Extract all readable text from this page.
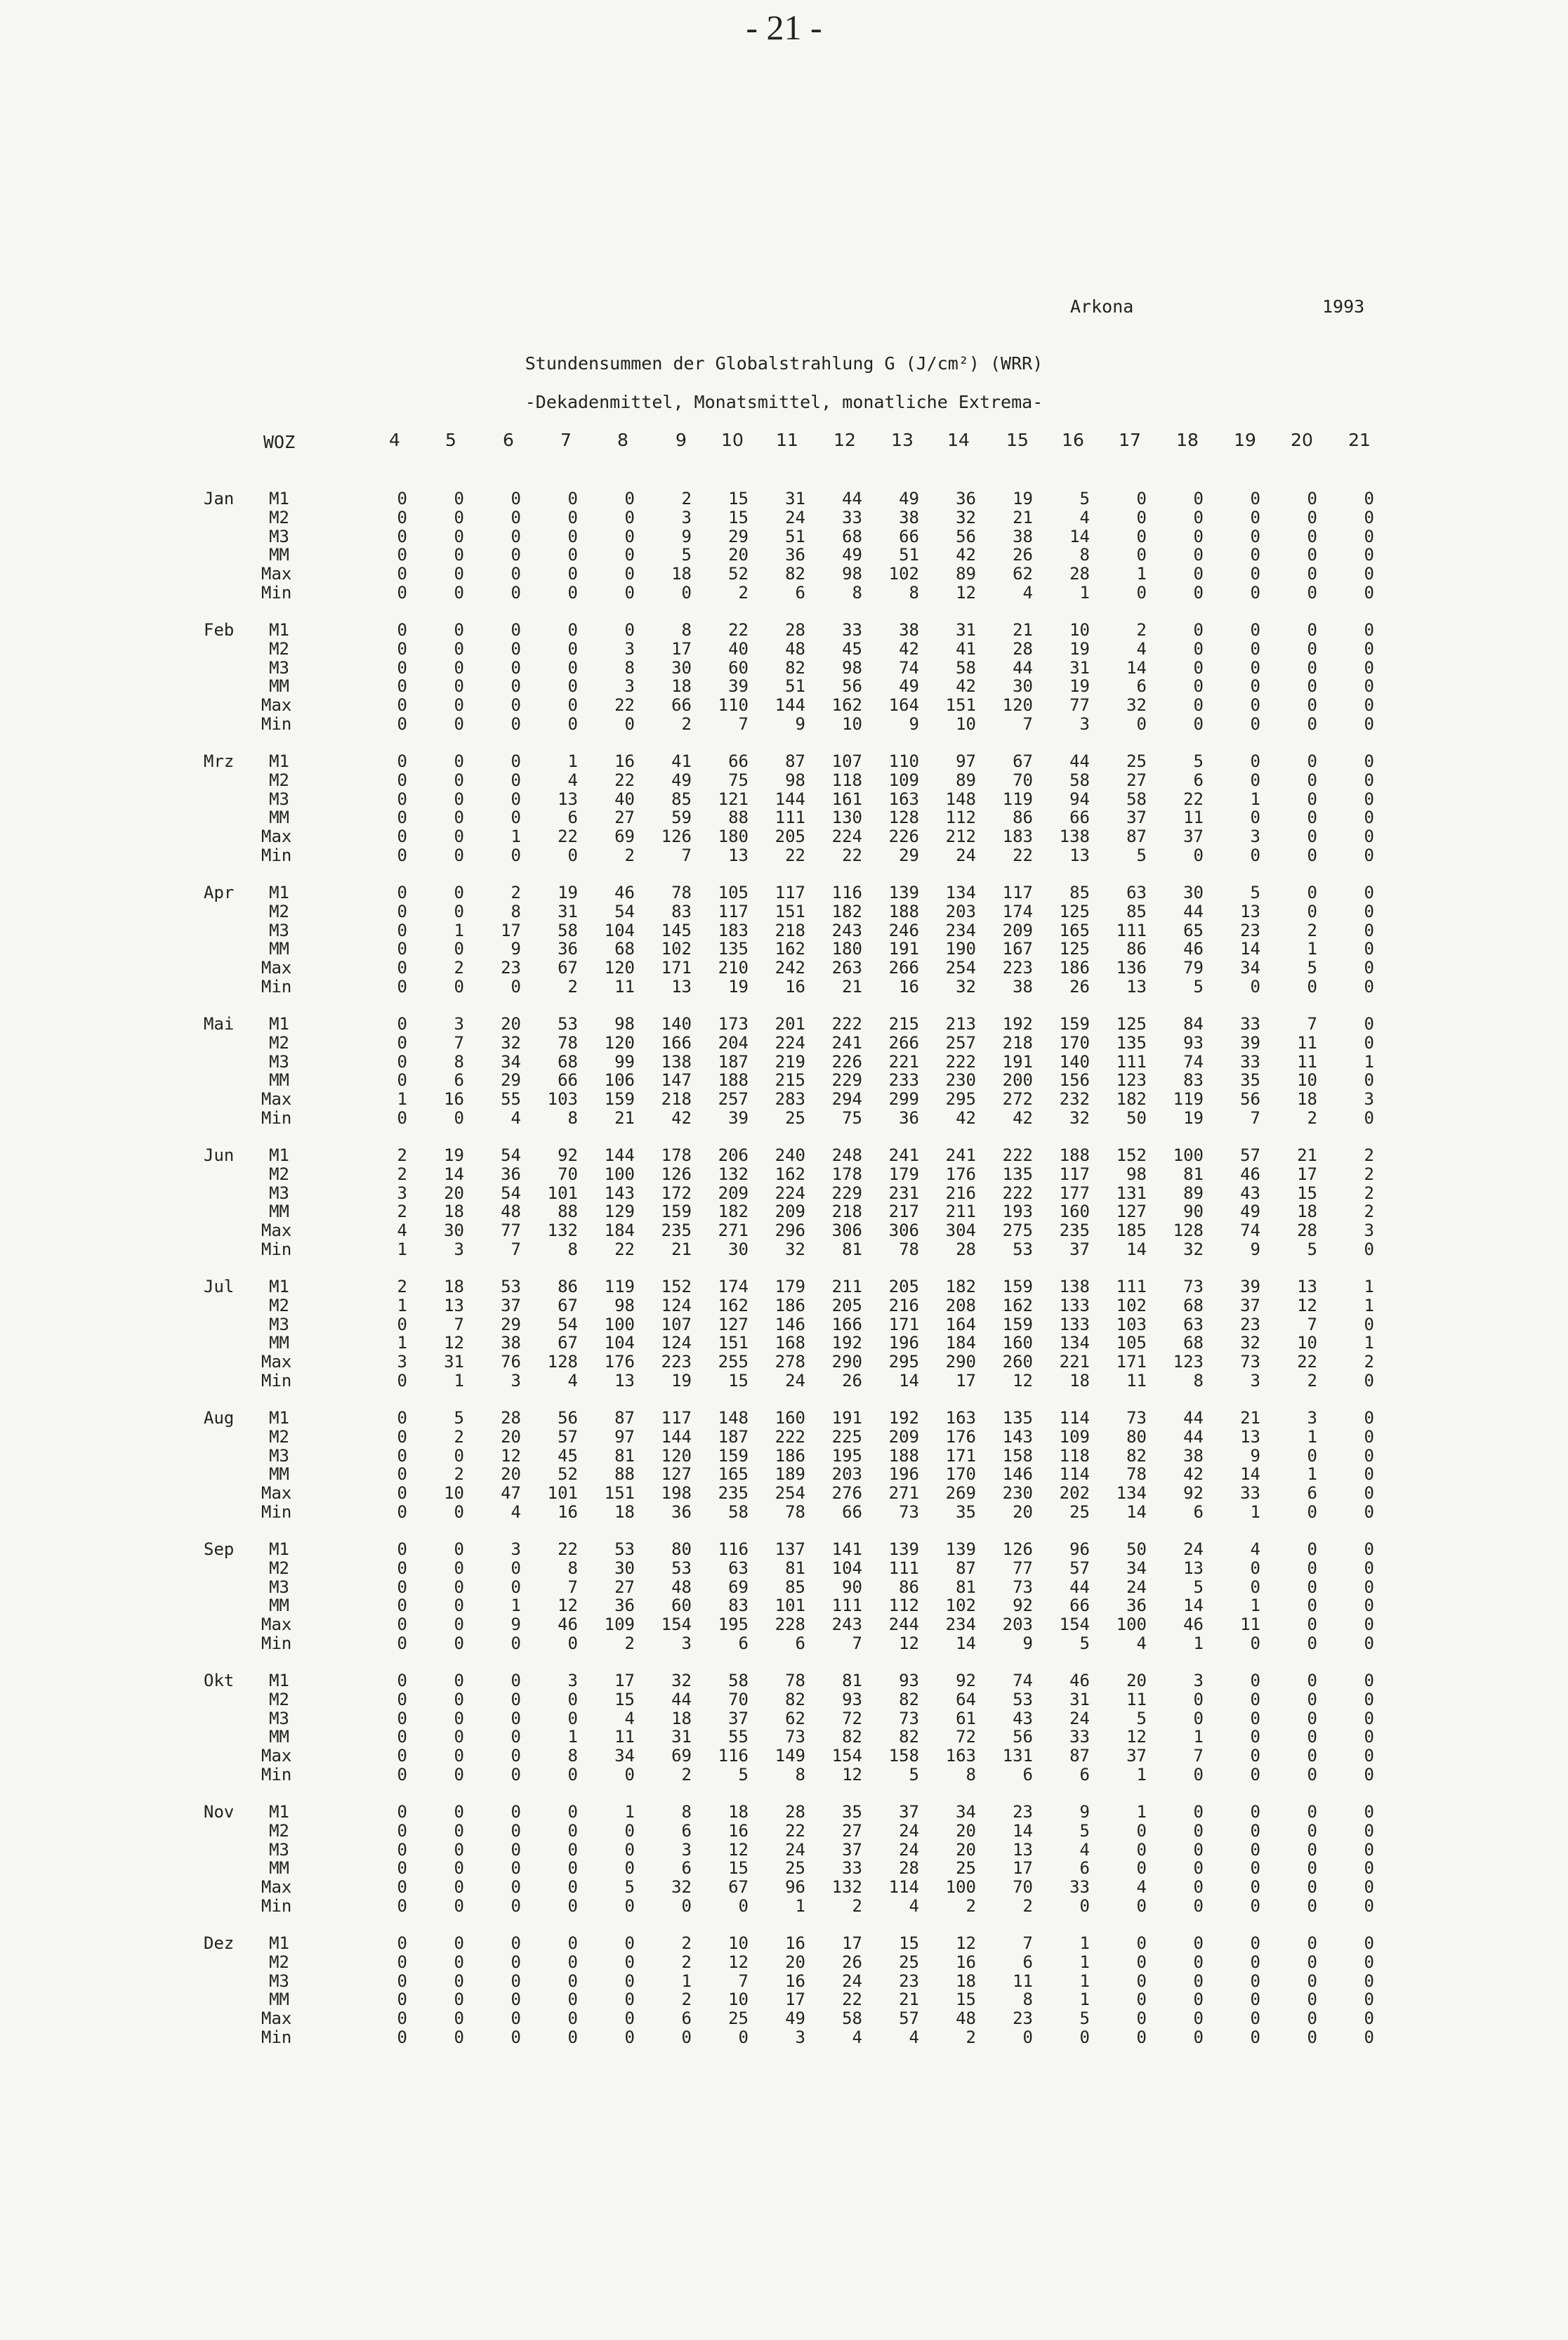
- 21 -
Arkona	1993
Stundensummen der Globalstrahlung G (J/cm²) (WRR)
-Dekadenmittel, Monatsmittel, monatliche Extrema-
WOZ	4	5	6	7	8	9	10	11	12	13	14	15	16	17	18	19	20	21
Jan	M1	0	0	0	0	0	2	15	31	44	49	36	19	5	0	0	0	0	0
M2	0	0	0	0	0	3	15	24	33	38	32	21	4	0	0	0	0	0
M3	0	0	0	0	0	9	29	51	68	66	56	38	14	0	0	0	0	0
MM	0	0	0	0	0	5	20	36	49	51	42	26	8	0	0	0	0	0
Max	0	0	0	0	0	18	52	82	98	102	89	62	28	1	0	0	0	0
Min	0	0	0	0	0	0	2	6	8	8	12	4	1	0	0	0	0	0
Feb	M1	0	0	0	0	0	8	22	28	33	38	31	21	10	2	0	0	0	0
M2	0	0	0	0	3	17	40	48	45	42	41	28	19	4	0	0	0	0
M3	0	0	0	0	8	30	60	82	98	74	58	44	31	14	0	0	0	0
MM	0	0	0	0	3	18	39	51	56	49	42	30	19	6	0	0	0	0
Max	0	0	0	0	22	66	110	144	162	164	151	120	77	32	0	0	0	0
Min	0	0	0	0	0	2	7	9	10	9	10	7	3	0	0	0	0	0
Mrz	M1	0	0	0	1	16	41	66	87	107	110	97	67	44	25	5	0	0	0
M2	0	0	0	4	22	49	75	98	118	109	89	70	58	27	6	0	0	0
M3	0	0	0	13	40	85	121	144	161	163	148	119	94	58	22	1	0	0
MM	0	0	0	6	27	59	88	111	130	128	112	86	66	37	11	0	0	0
Max	0	0	1	22	69	126	180	205	224	226	212	183	138	87	37	3	0	0
Min	0	0	0	0	2	7	13	22	22	29	24	22	13	5	0	0	0	0
Apr	M1	0	0	2	19	46	78	105	117	116	139	134	117	85	63	30	5	0	0
M2	0	0	8	31	54	83	117	151	182	188	203	174	125	85	44	13	0	0
M3	0	1	17	58	104	145	183	218	243	246	234	209	165	111	65	23	2	0
MM	0	0	9	36	68	102	135	162	180	191	190	167	125	86	46	14	1	0
Max	0	2	23	67	120	171	210	242	263	266	254	223	186	136	79	34	5	0
Min	0	0	0	2	11	13	19	16	21	16	32	38	26	13	5	0	0	0
Mai	M1	0	3	20	53	98	140	173	201	222	215	213	192	159	125	84	33	7	0
M2	0	7	32	78	120	166	204	224	241	266	257	218	170	135	93	39	11	0
M3	0	8	34	68	99	138	187	219	226	221	222	191	140	111	74	33	11	1
MM	0	6	29	66	106	147	188	215	229	233	230	200	156	123	83	35	10	0
Max	1	16	55	103	159	218	257	283	294	299	295	272	232	182	119	56	18	3
Min	0	0	4	8	21	42	39	25	75	36	42	42	32	50	19	7	2	0
Jun	M1	2	19	54	92	144	178	206	240	248	241	241	222	188	152	100	57	21	2
M2	2	14	36	70	100	126	132	162	178	179	176	135	117	98	81	46	17	2
M3	3	20	54	101	143	172	209	224	229	231	216	222	177	131	89	43	15	2
MM	2	18	48	88	129	159	182	209	218	217	211	193	160	127	90	49	18	2
Max	4	30	77	132	184	235	271	296	306	306	304	275	235	185	128	74	28	3
Min	1	3	7	8	22	21	30	32	81	78	28	53	37	14	32	9	5	0
Jul	M1	2	18	53	86	119	152	174	179	211	205	182	159	138	111	73	39	13	1
M2	1	13	37	67	98	124	162	186	205	216	208	162	133	102	68	37	12	1
M3	0	7	29	54	100	107	127	146	166	171	164	159	133	103	63	23	7	0
MM	1	12	38	67	104	124	151	168	192	196	184	160	134	105	68	32	10	1
Max	3	31	76	128	176	223	255	278	290	295	290	260	221	171	123	73	22	2
Min	0	1	3	4	13	19	15	24	26	14	17	12	18	11	8	3	2	0
Aug	M1	0	5	28	56	87	117	148	160	191	192	163	135	114	73	44	21	3	0
M2	0	2	20	57	97	144	187	222	225	209	176	143	109	80	44	13	1	0
M3	0	0	12	45	81	120	159	186	195	188	171	158	118	82	38	9	0	0
MM	0	2	20	52	88	127	165	189	203	196	170	146	114	78	42	14	1	0
Max	0	10	47	101	151	198	235	254	276	271	269	230	202	134	92	33	6	0
Min	0	0	4	16	18	36	58	78	66	73	35	20	25	14	6	1	0	0
Sep	M1	0	0	3	22	53	80	116	137	141	139	139	126	96	50	24	4	0	0
M2	0	0	0	8	30	53	63	81	104	111	87	77	57	34	13	0	0	0
M3	0	0	0	7	27	48	69	85	90	86	81	73	44	24	5	0	0	0
MM	0	0	1	12	36	60	83	101	111	112	102	92	66	36	14	1	0	0
Max	0	0	9	46	109	154	195	228	243	244	234	203	154	100	46	11	0	0
Min	0	0	0	0	2	3	6	6	7	12	14	9	5	4	1	0	0	0
Okt	M1	0	0	0	3	17	32	58	78	81	93	92	74	46	20	3	0	0	0
M2	0	0	0	0	15	44	70	82	93	82	64	53	31	11	0	0	0	0
M3	0	0	0	0	4	18	37	62	72	73	61	43	24	5	0	0	0	0
MM	0	0	0	1	11	31	55	73	82	82	72	56	33	12	1	0	0	0
Max	0	0	0	8	34	69	116	149	154	158	163	131	87	37	7	0	0	0
Min	0	0	0	0	0	2	5	8	12	5	8	6	6	1	0	0	0	0
Nov	M1	0	0	0	0	1	8	18	28	35	37	34	23	9	1	0	0	0	0
M2	0	0	0	0	0	6	16	22	27	24	20	14	5	0	0	0	0	0
M3	0	0	0	0	0	3	12	24	37	24	20	13	4	0	0	0	0	0
MM	0	0	0	0	0	6	15	25	33	28	25	17	6	0	0	0	0	0
Max	0	0	0	0	5	32	67	96	132	114	100	70	33	4	0	0	0	0
Min	0	0	0	0	0	0	0	1	2	4	2	2	0	0	0	0	0	0
Dez	M1	0	0	0	0	0	2	10	16	17	15	12	7	1	0	0	0	0	0
M2	0	0	0	0	0	2	12	20	26	25	16	6	1	0	0	0	0	0
M3	0	0	0	0	0	1	7	16	24	23	18	11	1	0	0	0	0	0
MM	0	0	0	0	0	2	10	17	22	21	15	8	1	0	0	0	0	0
Max	0	0	0	0	0	6	25	49	58	57	48	23	5	0	0	0	0	0
Min	0	0	0	0	0	0	0	3	4	4	2	0	0	0	0	0	0	0
